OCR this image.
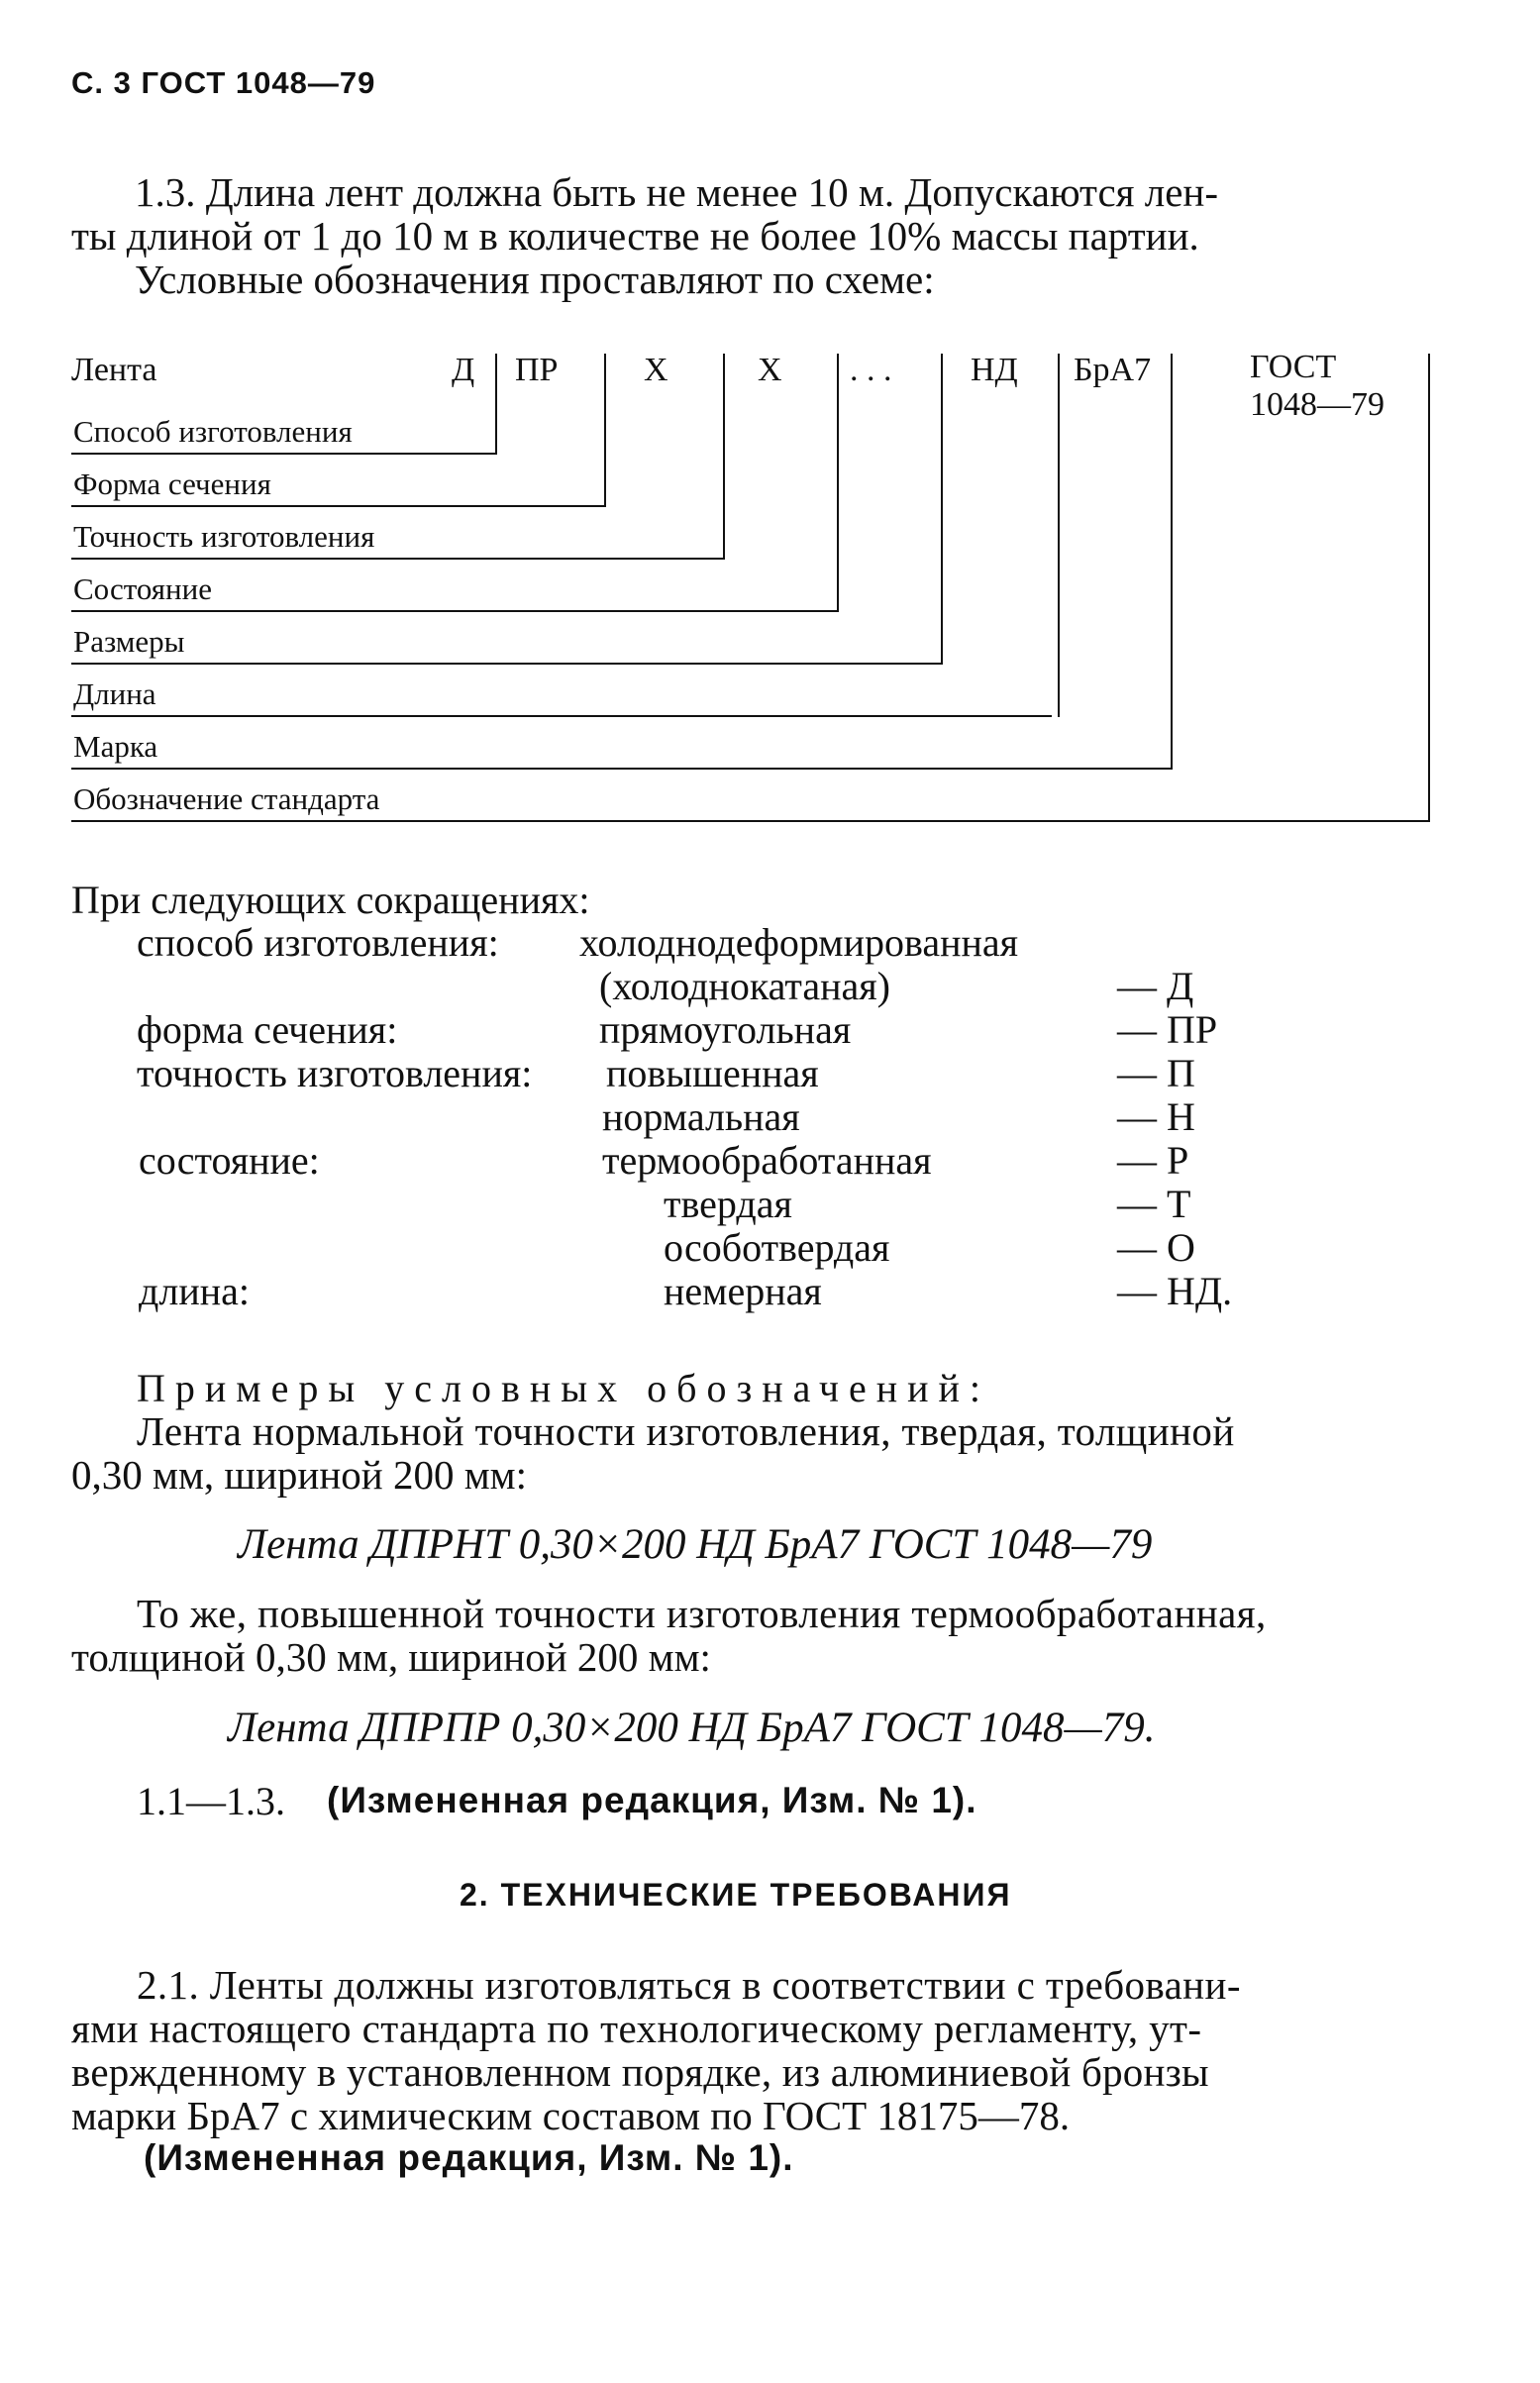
С. 3 ГОСТ 1048—79
1.3. Длина лент должна быть не менее 10 м. Допускаются лен-
ты длиной от 1 до 10 м в количестве не более 10% массы партии.
Условные обозначения проставляют по схеме:
Лента	Д ПР	Х	Х . . . НД БрА7	ГОСТ
1048—79
Способ изготовления
Форма сечения
Точность изготовления
Состояние
Размеры
Длина
Марка
Обозначение стандарта
При следующих сокращениях:
способ изготовления: холоднодеформированная
(холоднокатаная)	— Д
форма сечения:	прямоугольная	— ПР
точность изготовления: повышенная	— П
нормальная	— Н
состояние:	термообработанная	— Р
твердая	— Т
особотвердая	— О
длина:	немерная	— НД.
Примеры условных обозначений:
Лента нормальной точности изготовления, твердая, толщиной
0,30 мм, шириной 200 мм:
Лента ДПРНТ 0,30×200 НД БрА7 ГОСТ 1048—79
То же, повышенной точности изготовления термообработанная,
толщиной 0,30 мм, шириной 200 мм:
Лента ДПРПР 0,30×200 НД БрА7 ГОСТ 1048—79.
1.1—1.3. (Измененная редакция, Изм. № 1).
2. ТЕХНИЧЕСКИЕ ТРЕБОВАНИЯ
2.1. Ленты должны изготовляться в соответствии с требовани-
ями настоящего стандарта по технологическому регламенту, ут-
вержденному в установленном порядке, из алюминиевой бронзы
марки БрА7 с химическим составом по ГОСТ 18175—78.
(Измененная редакция, Изм. № 1).
